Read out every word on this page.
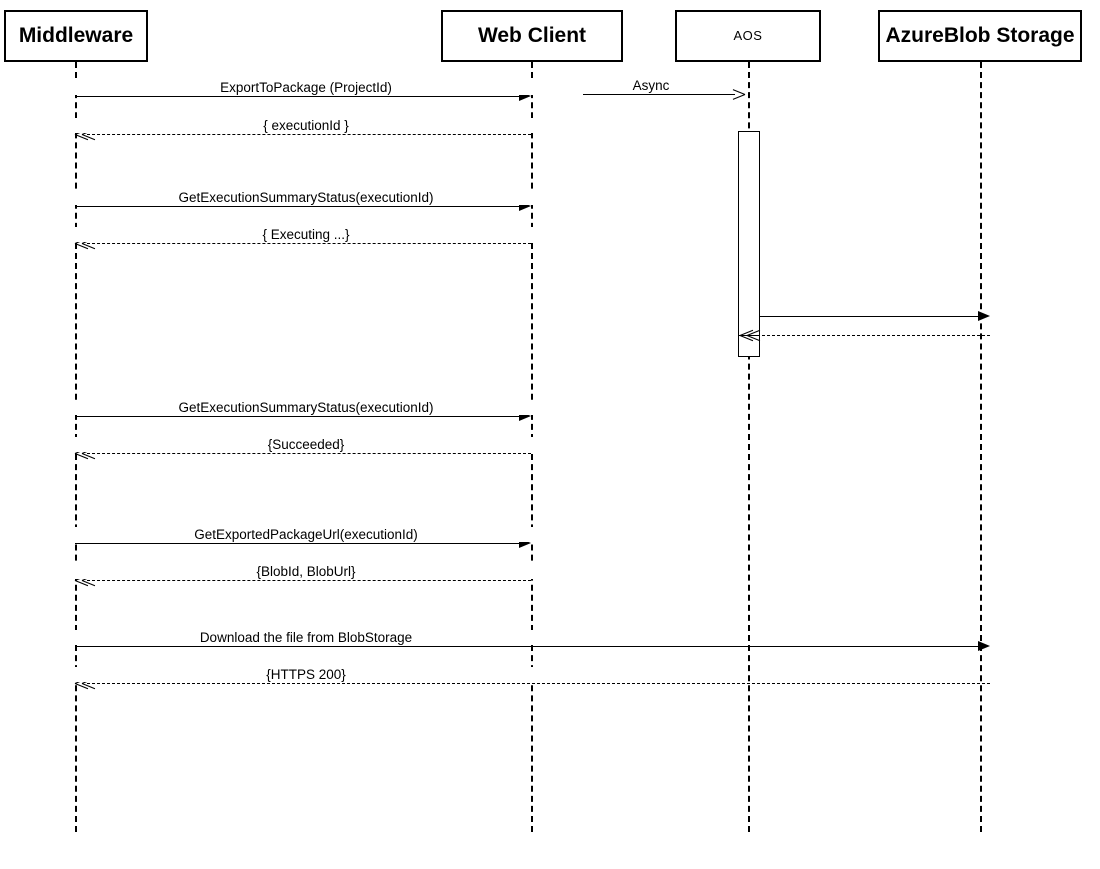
Middleware	Web Client	AOS	AzureBlob Storage
ExportToPackage (ProjectId)	Async
{ executionId }
GetExecutionSummaryStatus(executionId)
{ Executing ...}
GetExecutionSummaryStatus(executionId)
{Succeeded}
GetExportedPackageUrl(executionId)
{BlobId, BlobUrl}
Download the file from BlobStorage
{HTTPS 200}
